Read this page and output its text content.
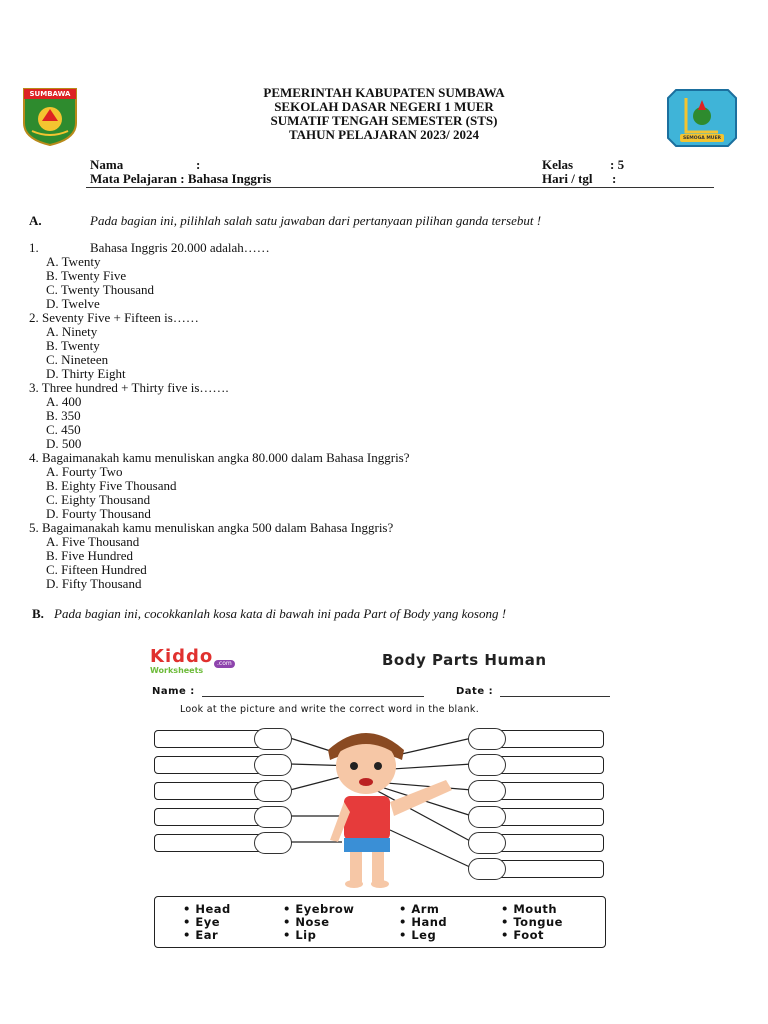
SUMBAWA
SEMOGA MUER
PEMERINTAH KABUPATEN SUMBAWA
SEKOLAH DASAR NEGERI 1 MUER
SUMATIF TENGAH SEMESTER (STS)
TAHUN PELAJARAN 2023/ 2024
Nama	:
Mata Pelajaran : Bahasa Inggris
Kelas	: 5
Hari / tgl :
A.	Pada bagian ini, pilihlah salah satu jawaban dari pertanyaan pilihan ganda tersebut !
1.	Bahasa Inggris 20.000 adalah……
A. Twenty
B. Twenty Five
C. Twenty Thousand
D. Twelve
2. Seventy Five + Fifteen is……
A. Ninety
B. Twenty
C. Nineteen
D. Thirty Eight
3. Three hundred + Thirty five is…….
A. 400
B. 350
C. 450
D. 500
4. Bagaimanakah kamu menuliskan angka 80.000 dalam Bahasa Inggris?
A. Fourty Two
B. Eighty Five Thousand
C. Eighty Thousand
D. Fourty Thousand
5. Bagaimanakah kamu menuliskan angka 500 dalam Bahasa Inggris?
A. Five Thousand
B. Five Hundred
C. Fifteen Hundred
D. Fifty Thousand
B. Pada bagian ini, cocokkanlah kosa kata di bawah ini pada Part of Body yang kosong !
Kiddo
Worksheets
.com	Body Parts Human
Name :	Date :
Look at the picture and write the correct word in the blank.
• Head
• Eye
• Ear
• Eyebrow
• Nose
• Lip
• Arm
• Hand
• Leg
• Mouth
• Tongue
• Foot
